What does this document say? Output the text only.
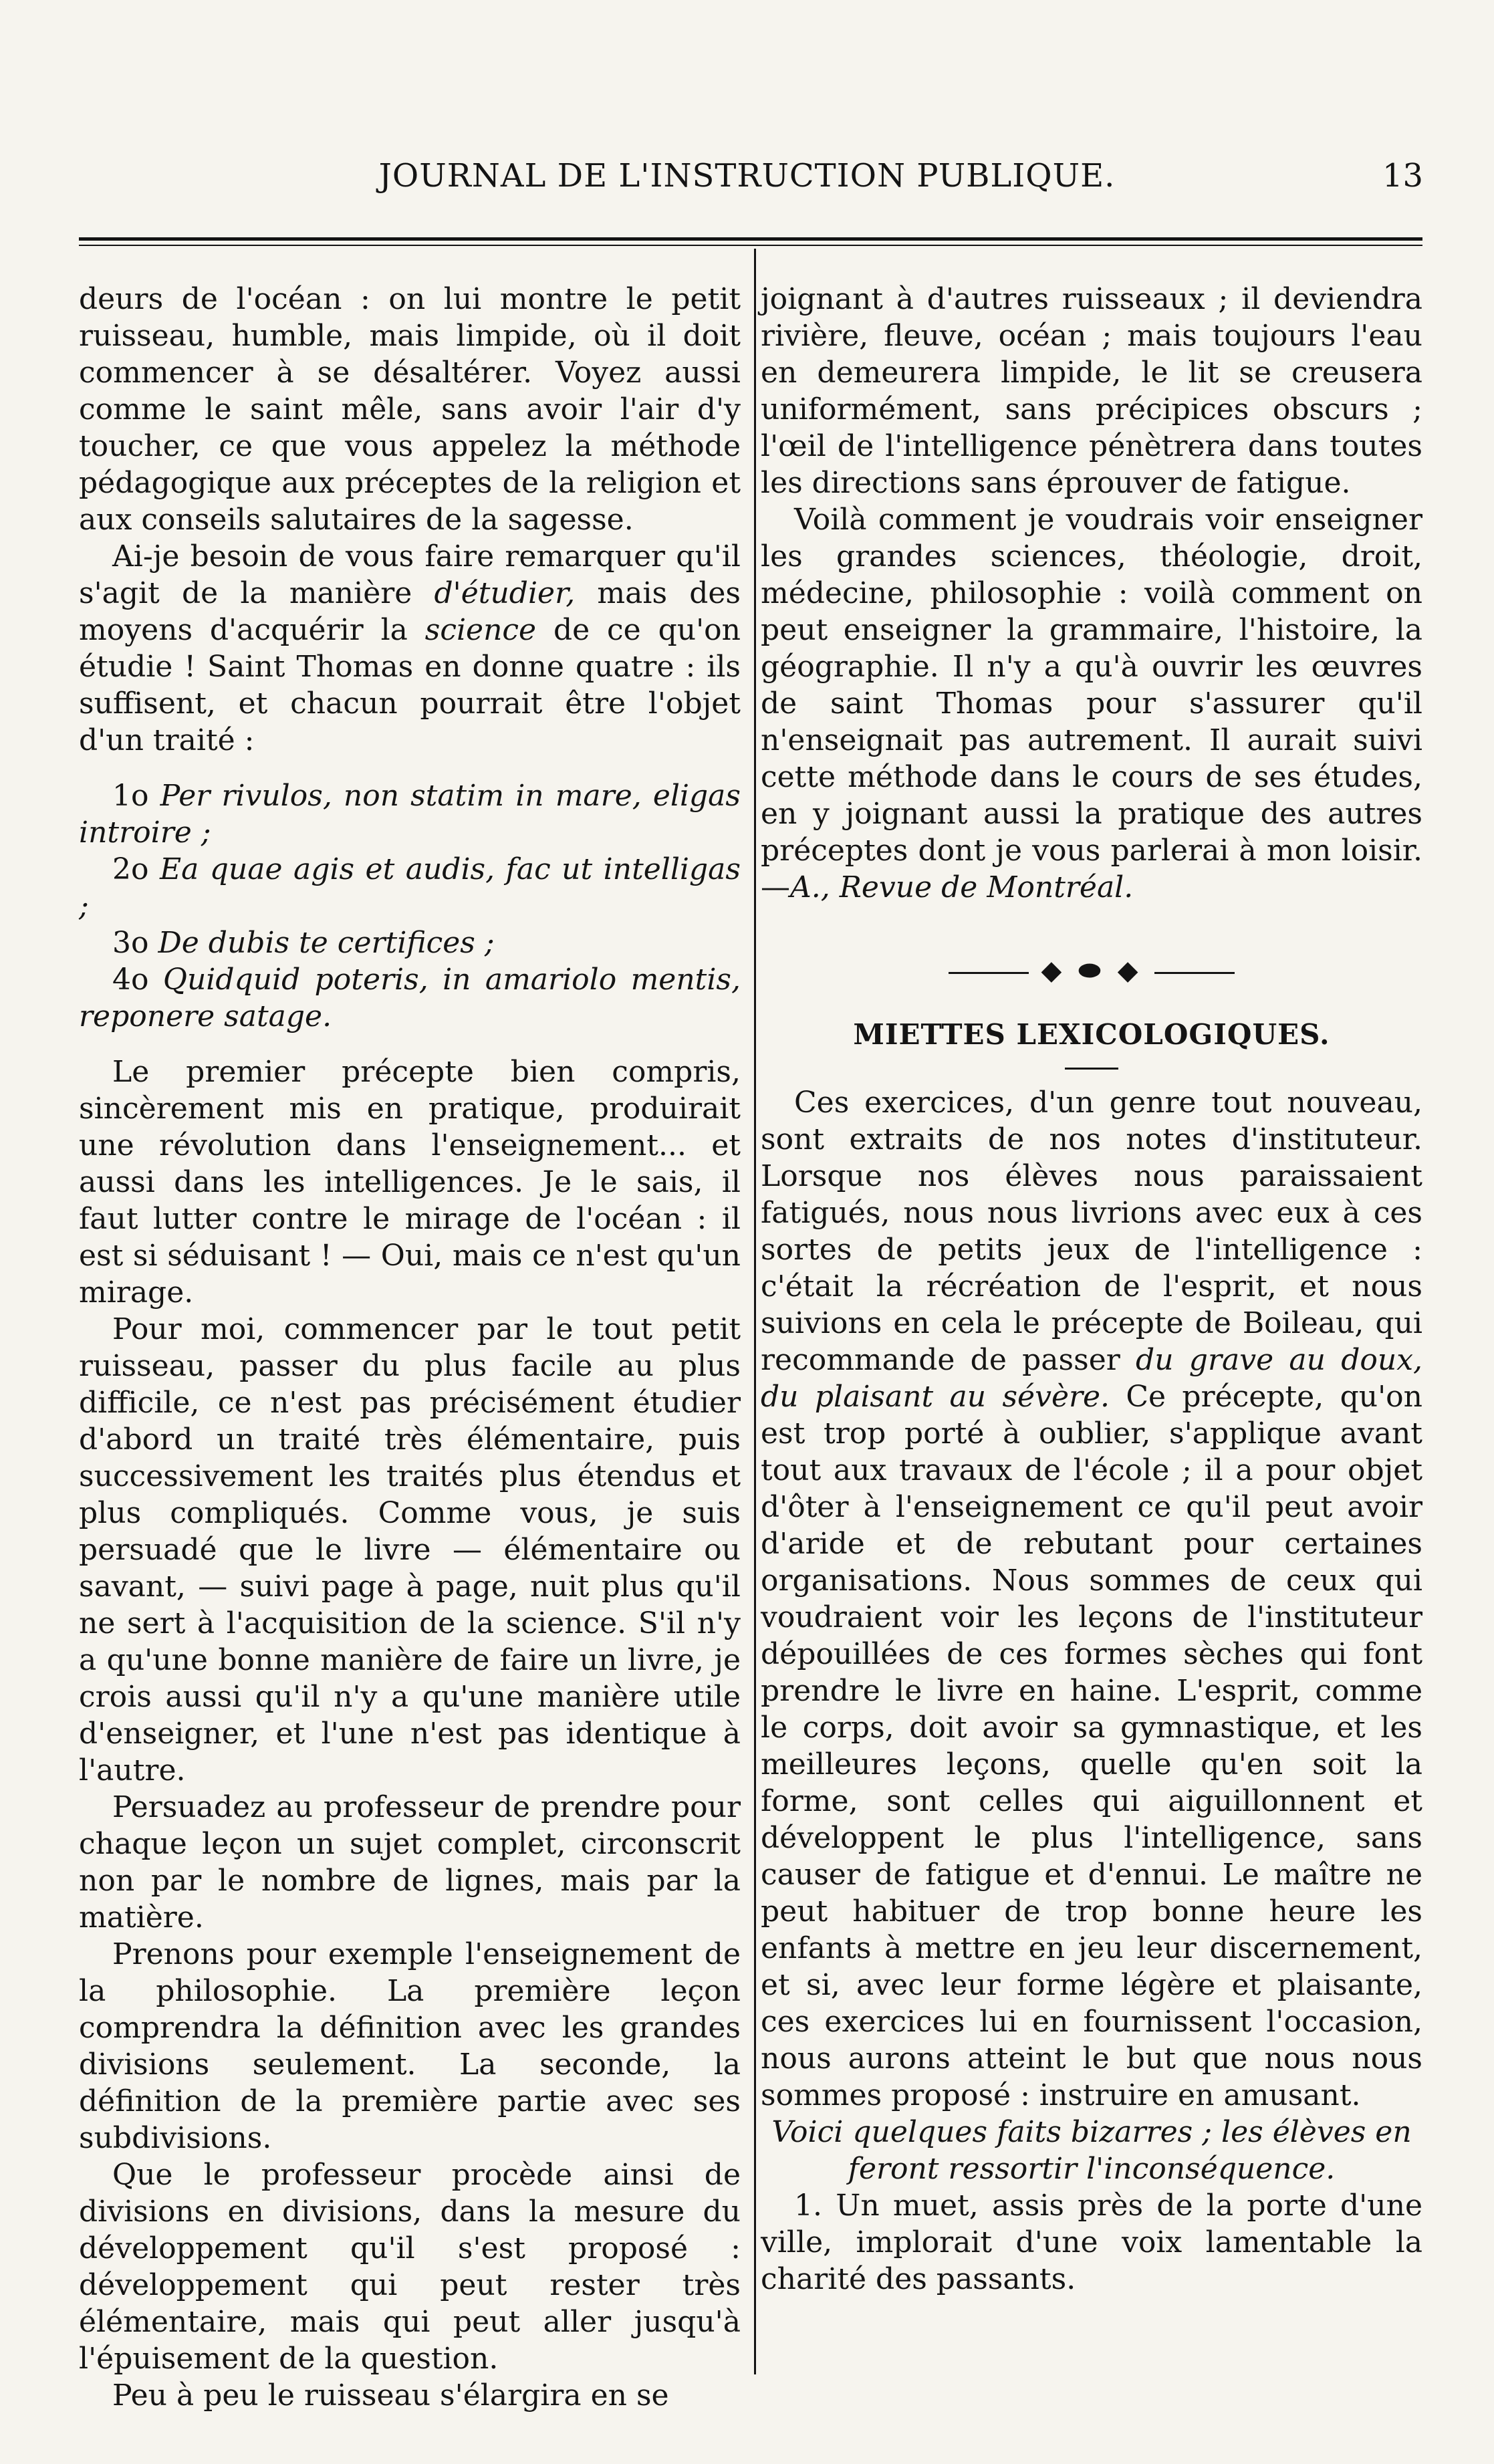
JOURNAL DE L'INSTRUCTION PUBLIQUE.	13

deurs de l'océan : on lui montre le petit ruisseau, humble, mais limpide, où il doit commencer à se désaltérer. Voyez aussi comme le saint mêle, sans avoir l'air d'y toucher, ce que vous appelez la méthode pédagogique aux préceptes de la religion et aux conseils salutaires de la sagesse.

Ai-je besoin de vous faire remarquer qu'il s'agit de la manière d'étudier, mais des moyens d'acquérir la science de ce qu'on étudie ! Saint Thomas en donne quatre : ils suffisent, et chacun pourrait être l'objet d'un traité :

1o Per rivulos, non statim in mare, eligas introire ;

2o Ea quae agis et audis, fac ut intelligas ;

3o De dubis te certifices ;

4o Quidquid poteris, in amariolo mentis, reponere satage.

Le premier précepte bien compris, sincèrement mis en pratique, produirait une révolution dans l'enseignement... et aussi dans les intelligences. Je le sais, il faut lutter contre le mirage de l'océan : il est si séduisant ! — Oui, mais ce n'est qu'un mirage.

Pour moi, commencer par le tout petit ruisseau, passer du plus facile au plus difficile, ce n'est pas précisément étudier d'abord un traité très élémentaire, puis successivement les traités plus étendus et plus compliqués. Comme vous, je suis persuadé que le livre — élémentaire ou savant, — suivi page à page, nuit plus qu'il ne sert à l'acquisition de la science. S'il n'y a qu'une bonne manière de faire un livre, je crois aussi qu'il n'y a qu'une manière utile d'enseigner, et l'une n'est pas identique à l'autre.

Persuadez au professeur de prendre pour chaque leçon un sujet complet, circonscrit non par le nombre de lignes, mais par la matière.

Prenons pour exemple l'enseignement de la philosophie. La première leçon comprendra la définition avec les grandes divisions seulement. La seconde, la définition de la première partie avec ses subdivisions.

Que le professeur procède ainsi de divisions en divisions, dans la mesure du développement qu'il s'est proposé : développement qui peut rester très élémentaire, mais qui peut aller jusqu'à l'épuisement de la question.

Peu à peu le ruisseau s'élargira en se

joignant à d'autres ruisseaux ; il deviendra rivière, fleuve, océan ; mais toujours l'eau en demeurera limpide, le lit se creusera uniformément, sans précipices obscurs ; l'œil de l'intelligence pénètrera dans toutes les directions sans éprouver de fatigue.

Voilà comment je voudrais voir enseigner les grandes sciences, théologie, droit, médecine, philosophie : voilà comment on peut enseigner la grammaire, l'histoire, la géographie. Il n'y a qu'à ouvrir les œuvres de saint Thomas pour s'assurer qu'il n'enseignait pas autrement. Il aurait suivi cette méthode dans le cours de ses études, en y joignant aussi la pratique des autres préceptes dont je vous parlerai à mon loisir.—A., Revue de Montréal.

◆ ⬬ ◆
MIETTES LEXICOLOGIQUES.

Ces exercices, d'un genre tout nouveau, sont extraits de nos notes d'instituteur. Lorsque nos élèves nous paraissaient fatigués, nous nous livrions avec eux à ces sortes de petits jeux de l'intelligence : c'était la récréation de l'esprit, et nous suivions en cela le précepte de Boileau, qui recommande de passer du grave au doux, du plaisant au sévère. Ce précepte, qu'on est trop porté à oublier, s'applique avant tout aux travaux de l'école ; il a pour objet d'ôter à l'enseignement ce qu'il peut avoir d'aride et de rebutant pour certaines organisations. Nous sommes de ceux qui voudraient voir les leçons de l'instituteur dépouillées de ces formes sèches qui font prendre le livre en haine. L'esprit, comme le corps, doit avoir sa gymnastique, et les meilleures leçons, quelle qu'en soit la forme, sont celles qui aiguillonnent et développent le plus l'intelligence, sans causer de fatigue et d'ennui. Le maître ne peut habituer de trop bonne heure les enfants à mettre en jeu leur discernement, et si, avec leur forme légère et plaisante, ces exercices lui en fournissent l'occasion, nous aurons atteint le but que nous nous sommes proposé : instruire en amusant.

Voici quelques faits bizarres ; les élèves en feront ressortir l'inconséquence.

1. Un muet, assis près de la porte d'une ville, implorait d'une voix lamentable la charité des passants.
